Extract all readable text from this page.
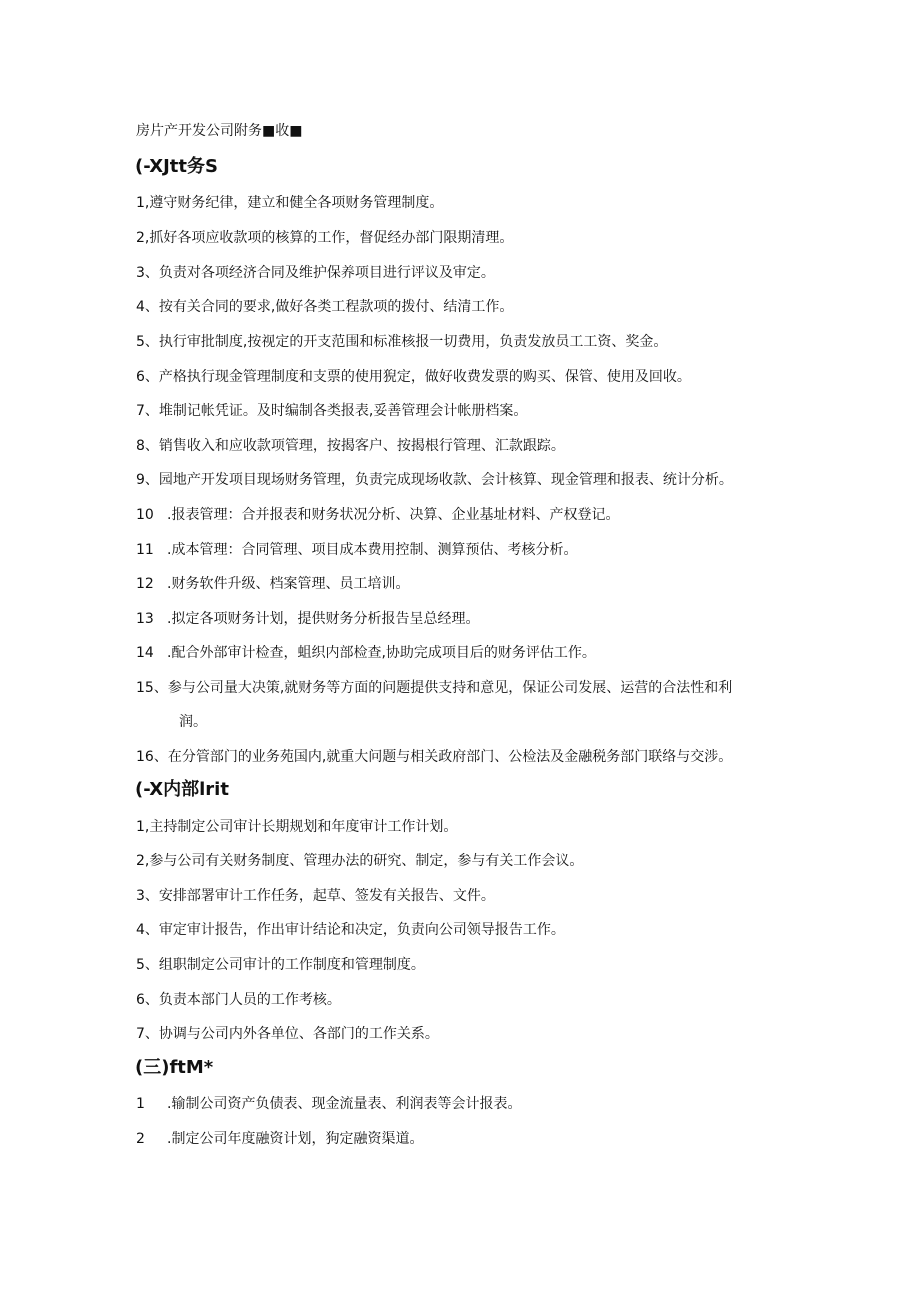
房片产开发公司附务■收■
(-XJtt务S
1,遵守财务纪律，建立和健全各项财务管理制度。
2,抓好各项应收款项的核算的工作，督促经办部门限期清理。
3、负责对各项经济合同及维护保养项目进行评议及审定。
4、按有关合同的要求,做好各类工程款项的拨付、结清工作。
5、执行审批制度,按视定的开支范围和标准核报一切费用，负责发放员工工资、奖金。
6、产格执行现金管理制度和支票的使用猊定，做好收费发票的购买、保管、使用及回收。
7、堆制记帐凭证。及时编制各类报表,妥善管理会计帐册档案。
8、销售收入和应收款项管理，按揭客户、按揭根行管理、汇款跟踪。
9、园地产开发项目现场财务管理，负责完成现场收款、会计核算、现金管理和报表、统计分析。
10 .报表管理：合并报表和财务状况分析、决算、企业基址材料、产权登记。
11 .成本管理：合同管理、项目成本费用控制、测算预估、考核分析。
12 .财务软件升级、档案管理、员工培训。
13 .拟定各项财务计划，提供财务分析报告呈总经理。
14 .配合外部审计检查，蛆织内部检查,协助完成项目后的财务评估工作。
15、参与公司量大决策,就财务等方面的问题提供支持和意见，保证公司发展、运营的合法性和利
润。
16、在分管部门的业务苑国内,就重大问题与相关政府部门、公检法及金融税务部门联络与交涉。
(-X内部lrit
1,主持制定公司审计长期规划和年度审计工作计划。
2,参与公司有关财务制度、管理办法的研究、制定，参与有关工作会议。
3、安排部署审计工作任务，起草、签发有关报告、文件。
4、审定审计报告，作出审计结论和决定，负责向公司领导报告工作。
5、组职制定公司审计的工作制度和管理制度。
6、负责本部门人员的工作考核。
7、协调与公司内外各单位、各部门的工作关系。
(三)ftM*
1 .输制公司资产负债表、现金流量表、利润表等会计报表。
2 .制定公司年度融资计划，狗定融资渠道。
